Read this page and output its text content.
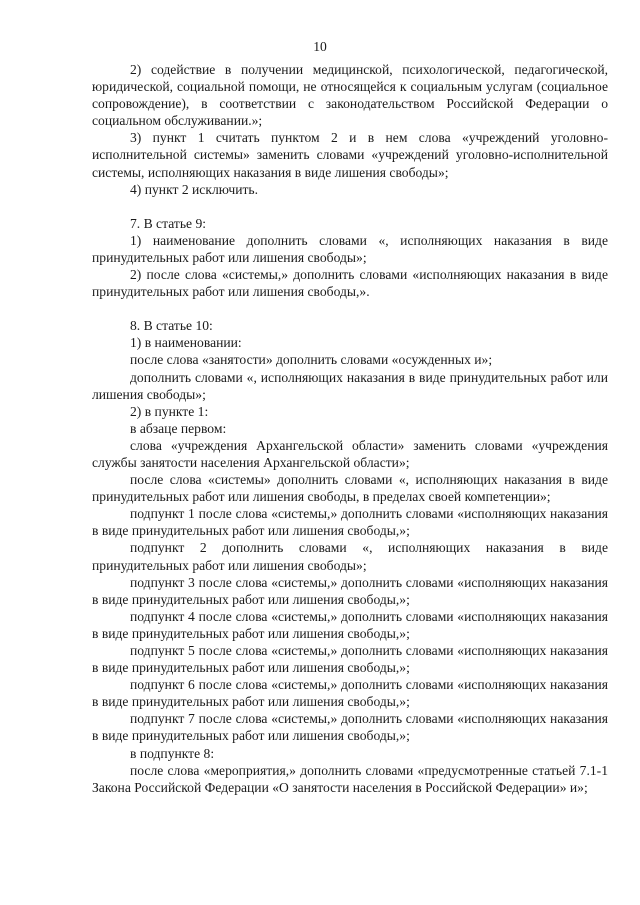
10

2) содействие в получении медицинской, психологической, педагогической, юридической, социальной помощи, не относящейся к социальным услугам (социальное сопровождение), в соответствии с законодательством Российской Федерации о социальном обслуживании.»;

3) пункт 1 считать пунктом 2 и в нем слова «учреждений уголовно-исполнительной системы» заменить словами «учреждений уголовно-исполнительной системы, исполняющих наказания в виде лишения свободы»;

4) пункт 2 исключить.

7. В статье 9:

1) наименование дополнить словами «, исполняющих наказания в виде принудительных работ или лишения свободы»;

2) после слова «системы,» дополнить словами «исполняющих наказания в виде принудительных работ или лишения свободы,».

8. В статье 10:

1) в наименовании:

после слова «занятости» дополнить словами «осужденных и»;

дополнить словами «, исполняющих наказания в виде принудительных работ или лишения свободы»;

2) в пункте 1:

в абзаце первом:

слова «учреждения Архангельской области» заменить словами «учреждения службы занятости населения Архангельской области»;

после слова «системы» дополнить словами «, исполняющих наказания в виде принудительных работ или лишения свободы, в пределах своей компетенции»;

подпункт 1 после слова «системы,» дополнить словами «исполняющих наказания в виде принудительных работ или лишения свободы,»;

подпункт 2 дополнить словами «, исполняющих наказания в виде принудительных работ или лишения свободы»;

подпункт 3 после слова «системы,» дополнить словами «исполняющих наказания в виде принудительных работ или лишения свободы,»;

подпункт 4 после слова «системы,» дополнить словами «исполняющих наказания в виде принудительных работ или лишения свободы,»;

подпункт 5 после слова «системы,» дополнить словами «исполняющих наказания в виде принудительных работ или лишения свободы,»;

подпункт 6 после слова «системы,» дополнить словами «исполняющих наказания в виде принудительных работ или лишения свободы,»;

подпункт 7 после слова «системы,» дополнить словами «исполняющих наказания в виде принудительных работ или лишения свободы,»;

в подпункте 8:

после слова «мероприятия,» дополнить словами «предусмотренные статьей 7.1-1 Закона Российской Федерации «О занятости населения в Российской Федерации» и»;
